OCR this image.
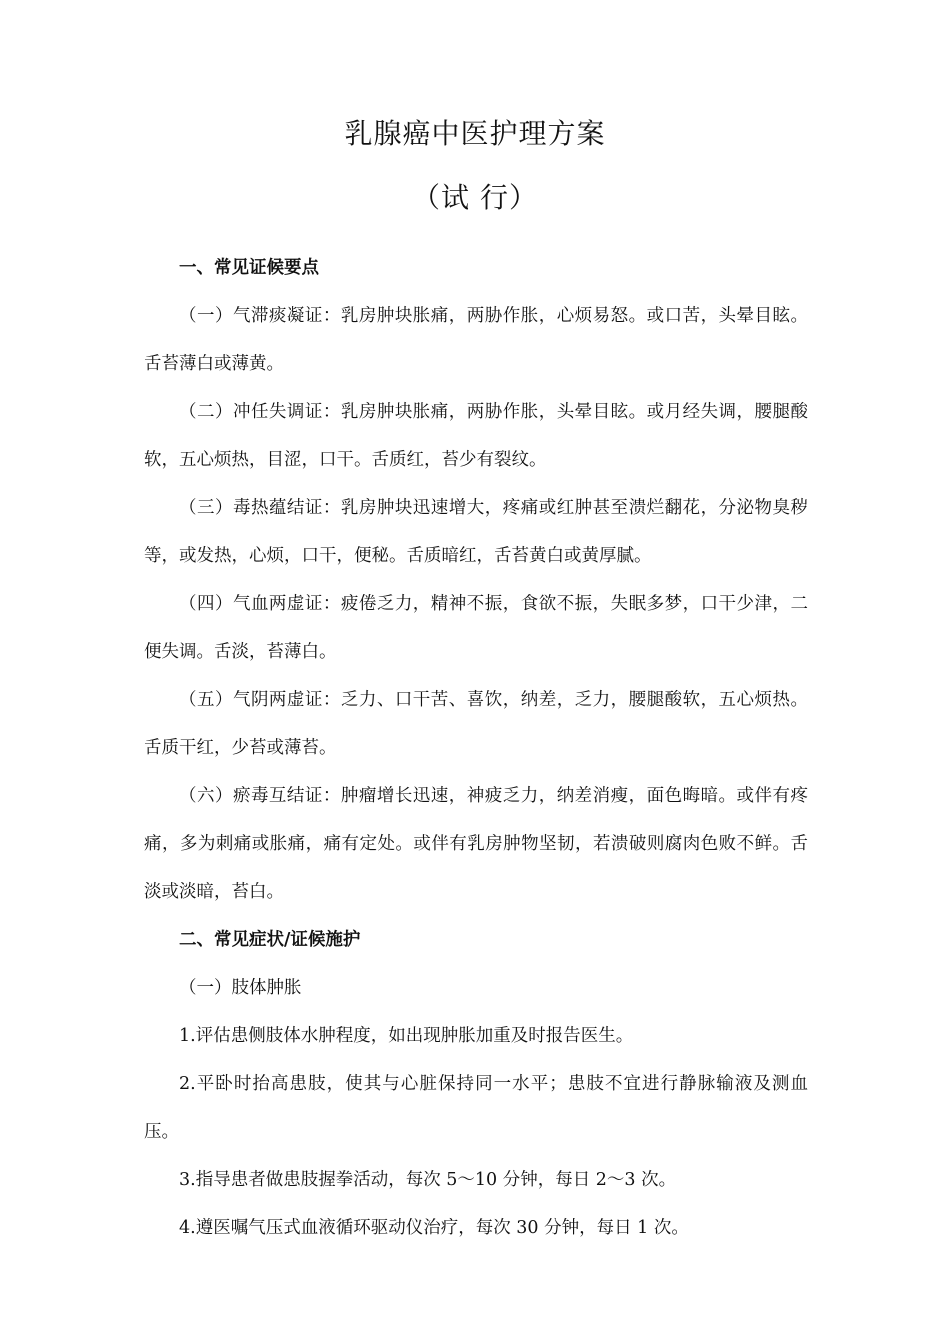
乳腺癌中医护理方案
（试 行）
一、常见证候要点

（一）气滞痰凝证：乳房肿块胀痛，两胁作胀，心烦易怒。或口苦，头晕目眩。舌苔薄白或薄黄。

（二）冲任失调证：乳房肿块胀痛，两胁作胀，头晕目眩。或月经失调，腰腿酸软，五心烦热，目涩，口干。舌质红，苔少有裂纹。

（三）毒热蕴结证：乳房肿块迅速增大，疼痛或红肿甚至溃烂翻花，分泌物臭秽等，或发热，心烦，口干，便秘。舌质暗红，舌苔黄白或黄厚腻。

（四）气血两虚证：疲倦乏力，精神不振，食欲不振，失眠多梦，口干少津，二便失调。舌淡，苔薄白。

（五）气阴两虚证：乏力、口干苦、喜饮，纳差，乏力，腰腿酸软，五心烦热。舌质干红，少苔或薄苔。

（六）瘀毒互结证：肿瘤增长迅速，神疲乏力，纳差消瘦，面色晦暗。或伴有疼痛，多为刺痛或胀痛，痛有定处。或伴有乳房肿物坚韧，若溃破则腐肉色败不鲜。舌淡或淡暗，苔白。

二、常见症状/证候施护

（一）肢体肿胀

1.评估患侧肢体水肿程度，如出现肿胀加重及时报告医生。

2.平卧时抬高患肢，使其与心脏保持同一水平；患肢不宜进行静脉输液及测血压。

3.指导患者做患肢握拳活动，每次 5～10 分钟，每日 2～3 次。

4.遵医嘱气压式血液循环驱动仪治疗，每次 30 分钟，每日 1 次。
